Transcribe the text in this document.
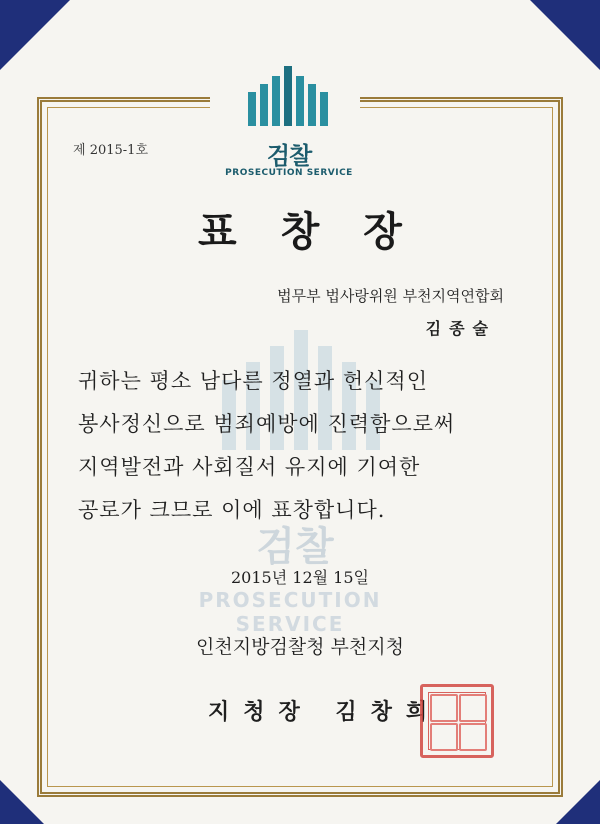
검찰
PROSECUTION SERVICE
제 2015-1호
표창장
법무부 법사랑위원 부천지역연합회
김종술
검찰
PROSECUTION SERVICE
귀하는 평소 남다른 정열과 헌신적인
봉사정신으로 범죄예방에 진력함으로써
지역발전과 사회질서 유지에 기여한
공로가 크므로 이에 표창합니다.
2015년 12월 15일
인천지방검찰청 부천지청
지청장 김창희
